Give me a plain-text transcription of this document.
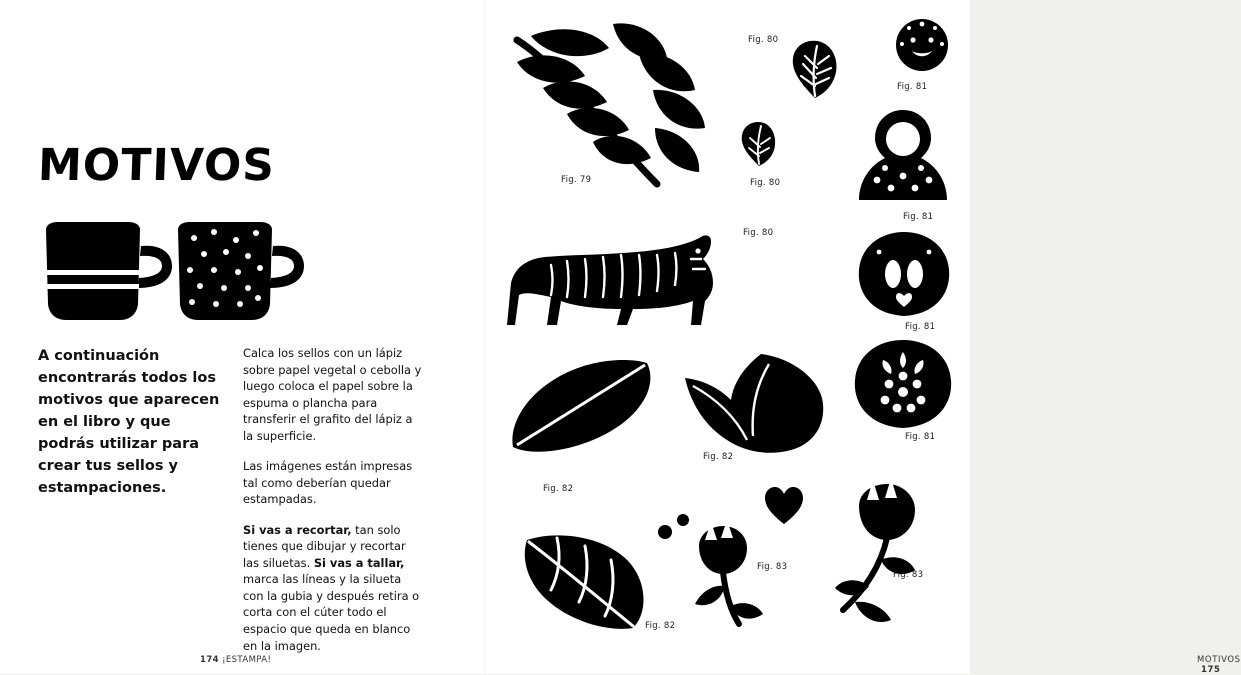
MOTIVOS
A continuación encontrarás todos los motivos que aparecen en el libro y que podrás utilizar para crear tus sellos y estampaciones.

Calca los sellos con un lápiz sobre papel vegetal o cebolla y luego coloca el papel sobre la espuma o plancha para transferir el grafito del lápiz a la superficie.

Las imágenes están impresas tal como deberían quedar estampadas.

Si vas a recortar, tan solo tienes que dibujar y recortar las siluetas. Si vas a tallar, marca las líneas y la silueta con la gubia y después retira o corta con el cúter todo el espacio que queda en blanco en la imagen.

174 ¡ESTAMPA!
Fig. 79
Fig. 80
Fig. 80
Fig. 81
Fig. 81
Fig. 80
Fig. 81
Fig. 81
Fig. 82
Fig. 82
Fig. 82
Fig. 83
Fig. 83
MOTIVOS 175
